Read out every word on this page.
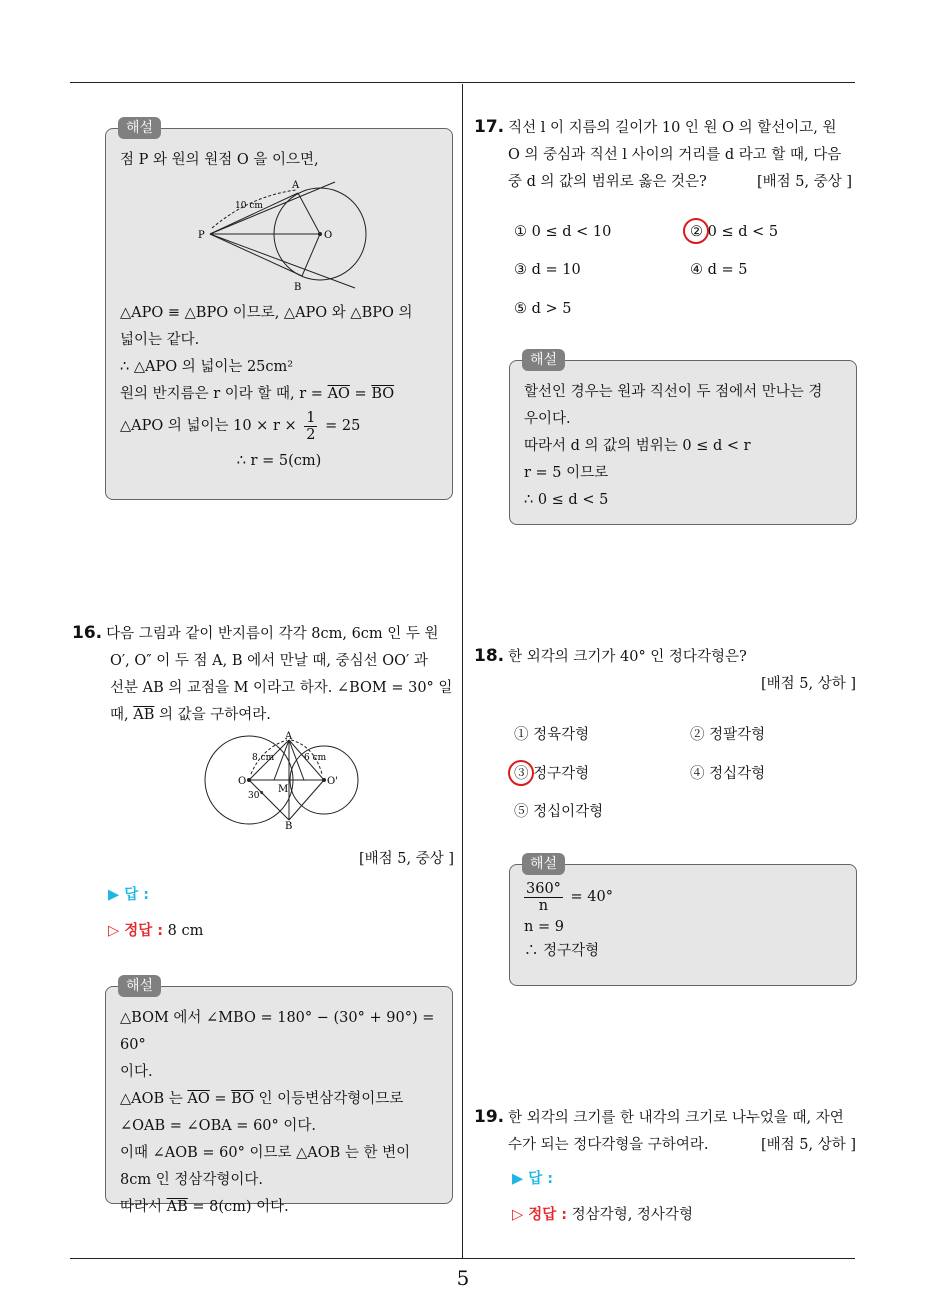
해설
점 P 와 원의 원점 O 을 이으면,
A
B
P	O
10 cm
△APO ≡ △BPO 이므로, △APO 와 △BPO 의
넓이는 같다.
∴ △APO 의 넓이는 25cm²
원의 반지름은 r 이라 할 때, $r = \overline{AO} = \overline{BO}$
△APO 의 넓이는 $10 \times r \times \frac{1}{2} = 25$
∴ r = 5(cm)
16. 다음 그림과 같이 반지름이 각각 8cm, 6cm 인 두 원
O′, O″ 이 두 점 A, B 에서 만날 때, 중심선 OO′ 과
선분 AB 의 교점을 M 이라고 하자. ∠BOM = 30° 일
때, $\overline{AB}$ 의 값을 구하여라.
A
B
O	O'
M
8 cm	6 cm
30°
[배점 5, 중상 ]
▶ 답 :
▷ 정답 : 8 cm
해설
△BOM 에서 ∠MBO = 180° − (30° + 90°) = 60°
이다.
△AOB 는 $\overline{AO} = \overline{BO}$ 인 이등변삼각형이므로
∠OAB = ∠OBA = 60° 이다.
이때 ∠AOB = 60° 이므로 △AOB 는 한 변이
8cm 인 정삼각형이다.
따라서 $\overline{AB} = 8(cm)$ 이다.
17. 직선 l 이 지름의 길이가 10 인 원 O 의 할선이고, 원
O 의 중심과 직선 l 사이의 거리를 d 라고 할 때, 다음
중 d 의 값의 범위로 옳은 것은?	[배점 5, 중상 ]
① 0 ≤ d < 10	② 0 ≤ d < 5
③ d = 10	④ d = 5
⑤ d > 5
해설
할선인 경우는 원과 직선이 두 점에서 만나는 경
우이다.
따라서 d 의 값의 범위는 0 ≤ d < r
r = 5 이므로
∴ 0 ≤ d < 5
18. 한 외각의 크기가 40° 인 정다각형은?
[배점 5, 상하 ]
① 정육각형	② 정팔각형
③ 정구각형	④ 정십각형
⑤ 정십이각형
해설
$\frac{360^\circ}{n} = 40^\circ$
n = 9
∴ 정구각형
19. 한 외각의 크기를 한 내각의 크기로 나누었을 때, 자연
수가 되는 정다각형을 구하여라.	[배점 5, 상하 ]
▶ 답 :
▷ 정답 : 정삼각형, 정사각형
5
